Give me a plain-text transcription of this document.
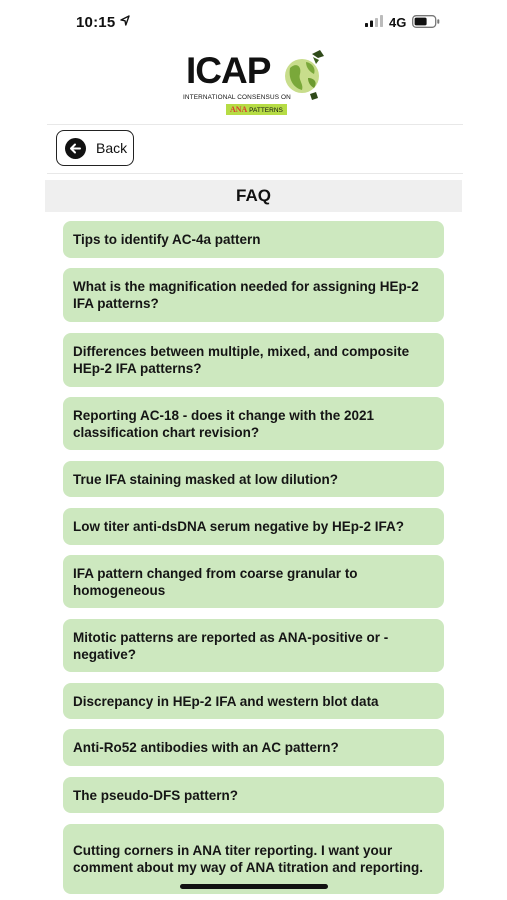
10:15	4G
ICAP
INTERNATIONAL CONSENSUS ON
ANA PATTERNS
Back
FAQ
Tips to identify AC-4a pattern
What is the magnification needed for assigning HEp-2 IFA patterns?
Differences between multiple, mixed, and composite HEp-2 IFA patterns?
Reporting AC-18 - does it change with the 2021 classification chart revision?
True IFA staining masked at low dilution?
Low titer anti-dsDNA serum negative by HEp-2 IFA?
IFA pattern changed from coarse granular to homogeneous
Mitotic patterns are reported as ANA-positive or -negative?
Discrepancy in HEp-2 IFA and western blot data
Anti-Ro52 antibodies with an AC pattern?
The pseudo-DFS pattern?
Cutting corners in ANA titer reporting. I want your comment about my way of ANA titration and reporting.
